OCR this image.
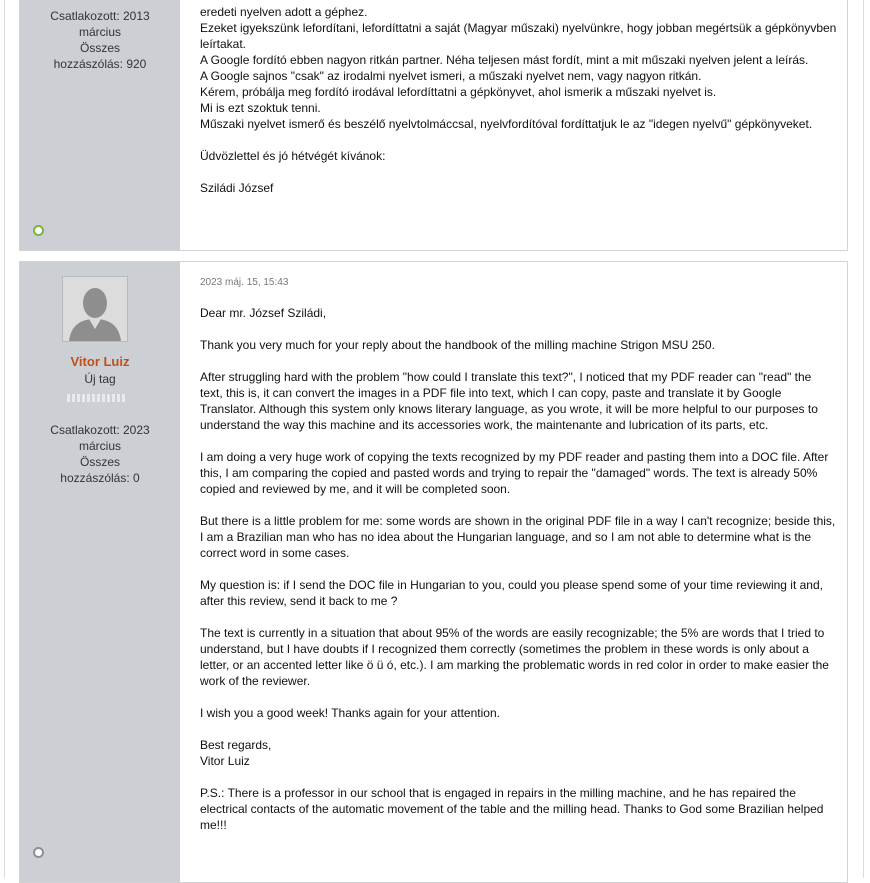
Csatlakozott: 2013
március
Összes
hozzászólás: 920

eredeti nyelven adott a géphez.

Ezeket igyekszünk lefordítani, lefordíttatni a saját (Magyar műszaki) nyelvünkre, hogy jobban megértsük a gépkönyvben leírtakat.

A Google fordító ebben nagyon ritkán partner. Néha teljesen mást fordít, mint a mit műszaki nyelven jelent a leírás.

A Google sajnos "csak" az irodalmi nyelvet ismeri, a műszaki nyelvet nem, vagy nagyon ritkán.

Kérem, próbálja meg fordító irodával lefordíttatni a gépkönyvet, ahol ismerik a műszaki nyelvet is.

Mi is ezt szoktuk tenni.

Műszaki nyelvet ismerő és beszélő nyelvtolmáccsal, nyelvfordítóval fordíttatjuk le az "idegen nyelvű" gépkönyveket.

Üdvözlettel és jó hétvégét kívánok:

Sziládi József

Vitor Luiz
Új tag
Csatlakozott: 2023
március
Összes
hozzászólás: 0
2023 máj. 15, 15:43

Dear mr. József Sziládi,

Thank you very much for your reply about the handbook of the milling machine Strigon MSU 250.

After struggling hard with the problem "how could I translate this text?", I noticed that my PDF reader can "read" the text, this is, it can convert the images in a PDF file into text, which I can copy, paste and translate it by Google Translator. Although this system only knows literary language, as you wrote, it will be more helpful to our purposes to understand the way this machine and its accessories work, the maintenante and lubrication of its parts, etc.

I am doing a very huge work of copying the texts recognized by my PDF reader and pasting them into a DOC file. After this, I am comparing the copied and pasted words and trying to repair the "damaged" words. The text is already 50% copied and reviewed by me, and it will be completed soon.

But there is a little problem for me: some words are shown in the original PDF file in a way I can't recognize; beside this, I am a Brazilian man who has no idea about the Hungarian language, and so I am not able to determine what is the correct word in some cases.

My question is: if I send the DOC file in Hungarian to you, could you please spend some of your time reviewing it and, after this review, send it back to me ?

The text is currently in a situation that about 95% of the words are easily recognizable; the 5% are words that I tried to understand, but I have doubts if I recognized them correctly (sometimes the problem in these words is only about a letter, or an accented letter like ö ü ó, etc.). I am marking the problematic words in red color in order to make easier the work of the reviewer.

I wish you a good week! Thanks again for your attention.

Best regards,
Vitor Luiz

P.S.: There is a professor in our school that is engaged in repairs in the milling machine, and he has repaired the electrical contacts of the automatic movement of the table and the milling head. Thanks to God some Brazilian helped me!!!
